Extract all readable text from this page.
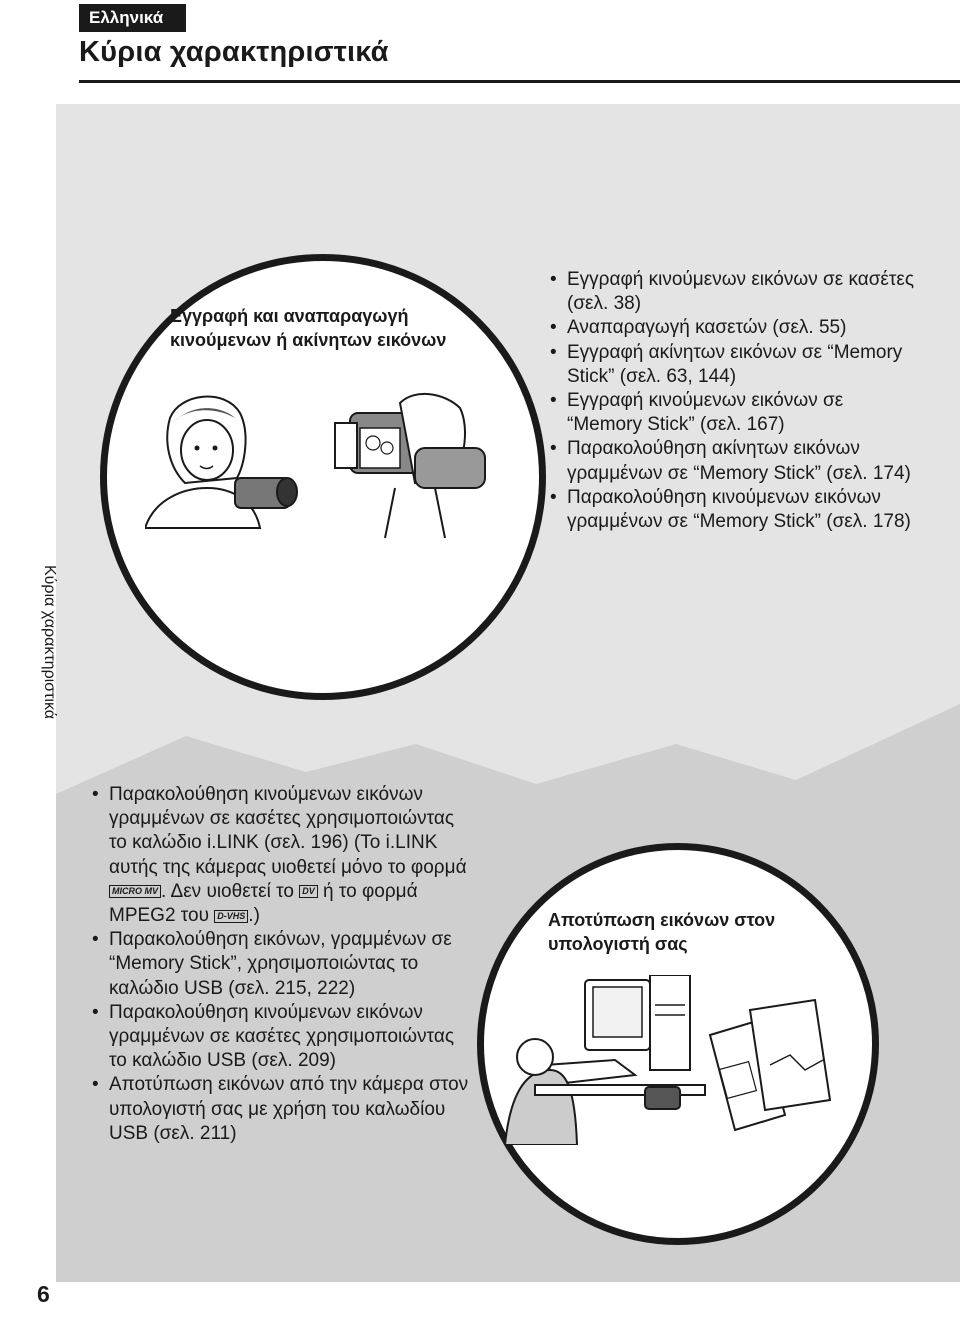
Ελληνικά
Κύρια χαρακτηριστικά
Κύρια χαρακτηριστικά
6
Εγγραφή και αναπαραγωγή κινούμενων ή ακίνητων εικόνων
• Εγγραφή κινούμενων εικόνων σε κασέτες (σελ. 38)
• Αναπαραγωγή κασετών (σελ. 55)
• Εγγραφή ακίνητων εικόνων σε “Memory Stick” (σελ. 63, 144)
• Εγγραφή κινούμενων εικόνων σε “Memory Stick” (σελ. 167)
• Παρακολούθηση ακίνητων εικόνων γραμμένων σε “Memory Stick” (σελ. 174)
• Παρακολούθηση κινούμενων εικόνων γραμμένων σε “Memory Stick” (σελ. 178)
Αποτύπωση εικόνων στον υπολογιστή σας
• Παρακολούθηση κινούμενων εικόνων γραμμένων σε κασέτες χρησιμοποιώντας το καλώδιο i.LINK (σελ. 196) (Το i.LINK αυτής της κάμερας υιοθετεί μόνο το φορμά MICRO MV . Δεν υιοθετεί το DV ή το φορμά MPEG2 του D-VHS .)
• Παρακολούθηση εικόνων, γραμμένων σε “Memory Stick”, χρησιμοποιώντας το καλώδιο USB (σελ. 215, 222)
• Παρακολούθηση κινούμενων εικόνων γραμμένων σε κασέτες χρησιμοποιώντας το καλώδιο USB (σελ. 209)
• Αποτύπωση εικόνων από την κάμερα στον υπολογιστή σας με χρήση του καλωδίου USB (σελ. 211)
